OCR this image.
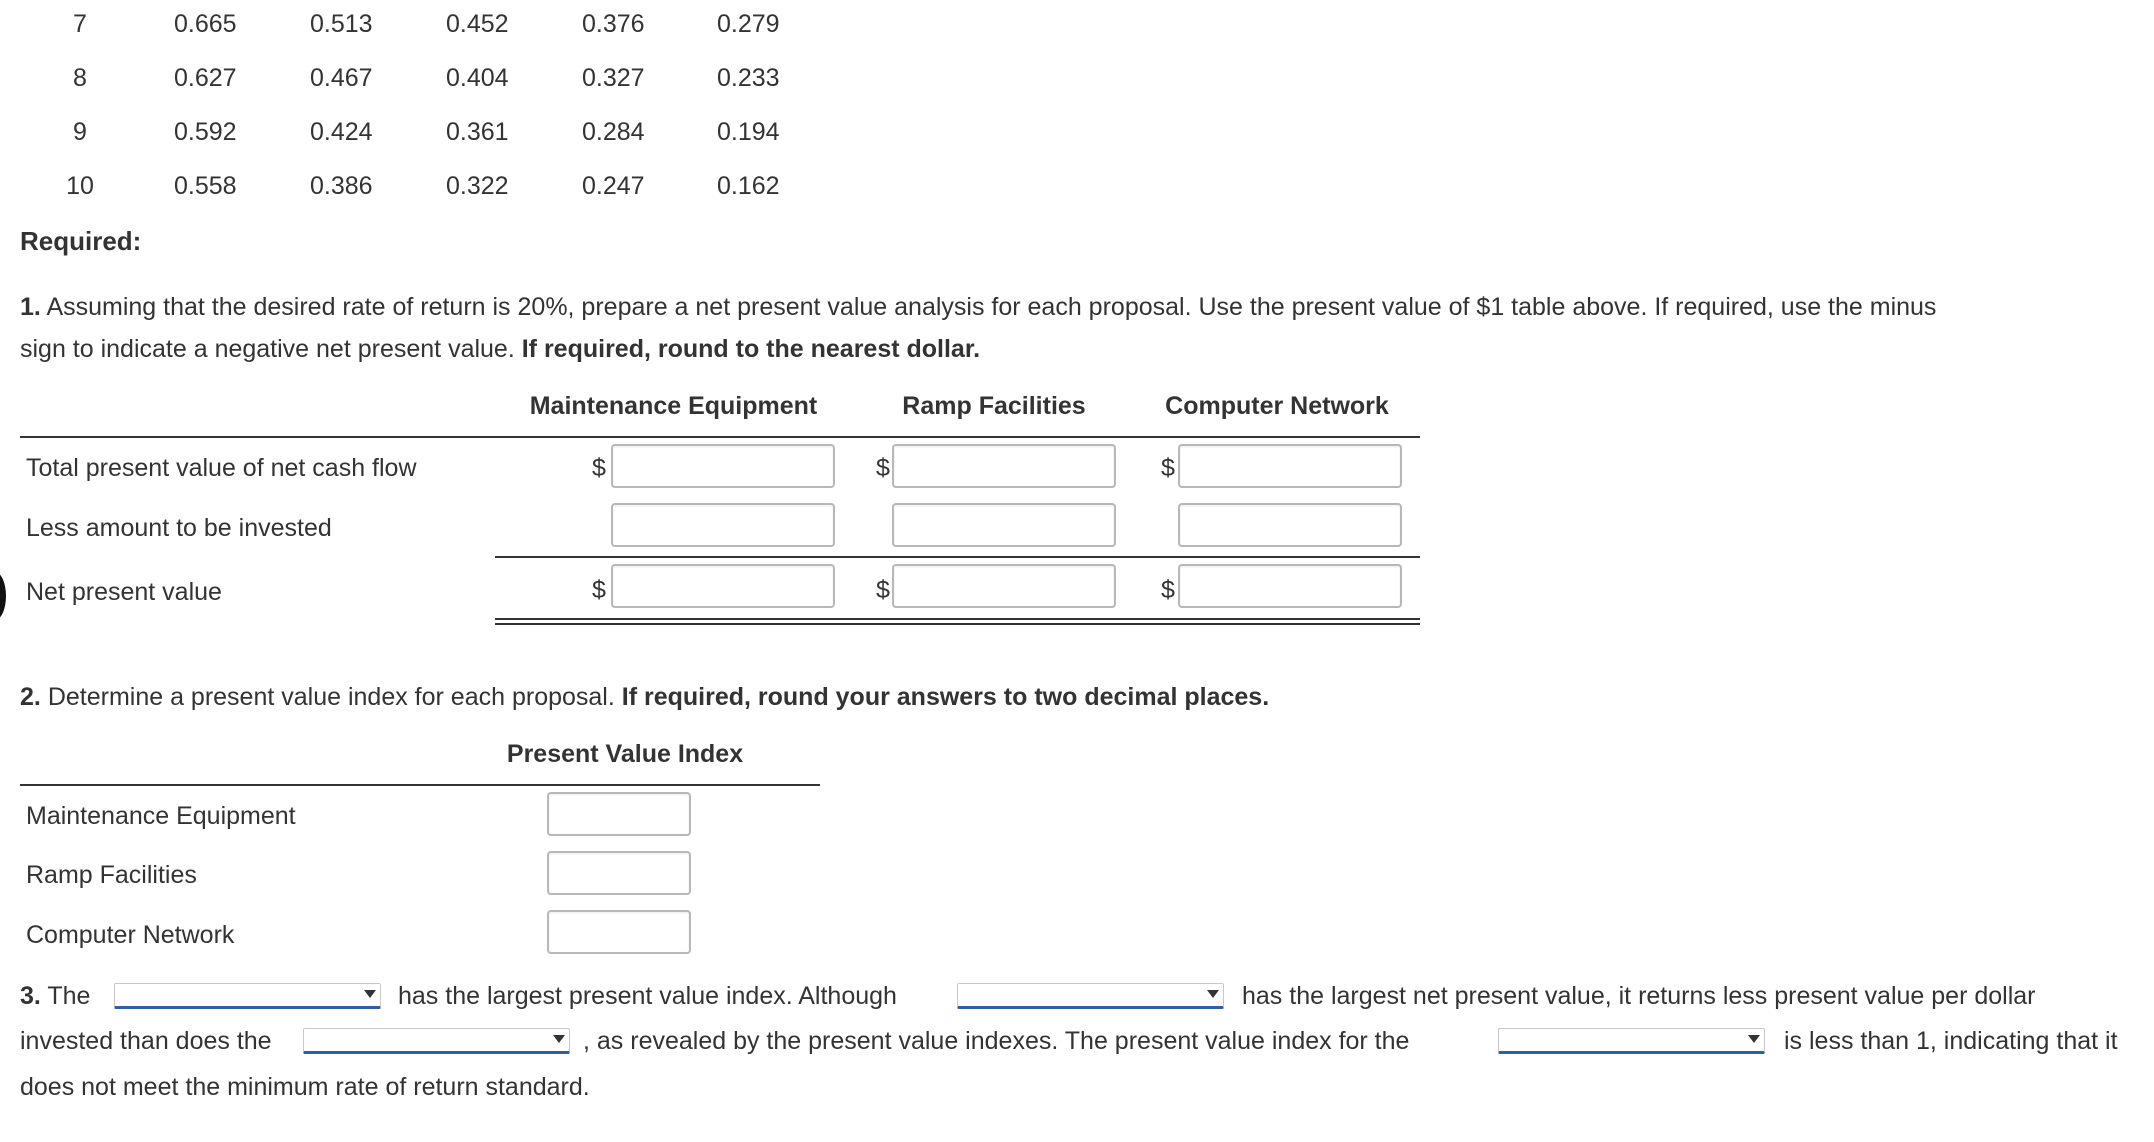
7	0.665	0.513	0.452	0.376	0.279
8	0.627	0.467	0.404	0.327	0.233
9	0.592	0.424	0.361	0.284	0.194
10	0.558	0.386	0.322	0.247	0.162
Required:
1. Assuming that the desired rate of return is 20%, prepare a net present value analysis for each proposal. Use the present value of $1 table above. If required, use the minus
sign to indicate a negative net present value. If required, round to the nearest dollar.
Maintenance Equipment	Ramp Facilities	Computer Network
Total present value of net cash flow	$	$	$
Less amount to be invested
Net present value	$	$	$
2. Determine a present value index for each proposal. If required, round your answers to two decimal places.
Present Value Index
Maintenance Equipment
Ramp Facilities
Computer Network
3. The	has the largest present value index. Although	has the largest net present value, it returns less present value per dollar
invested than does the	, as revealed by the present value indexes. The present value index for the	is less than 1, indicating that it
does not meet the minimum rate of return standard.
